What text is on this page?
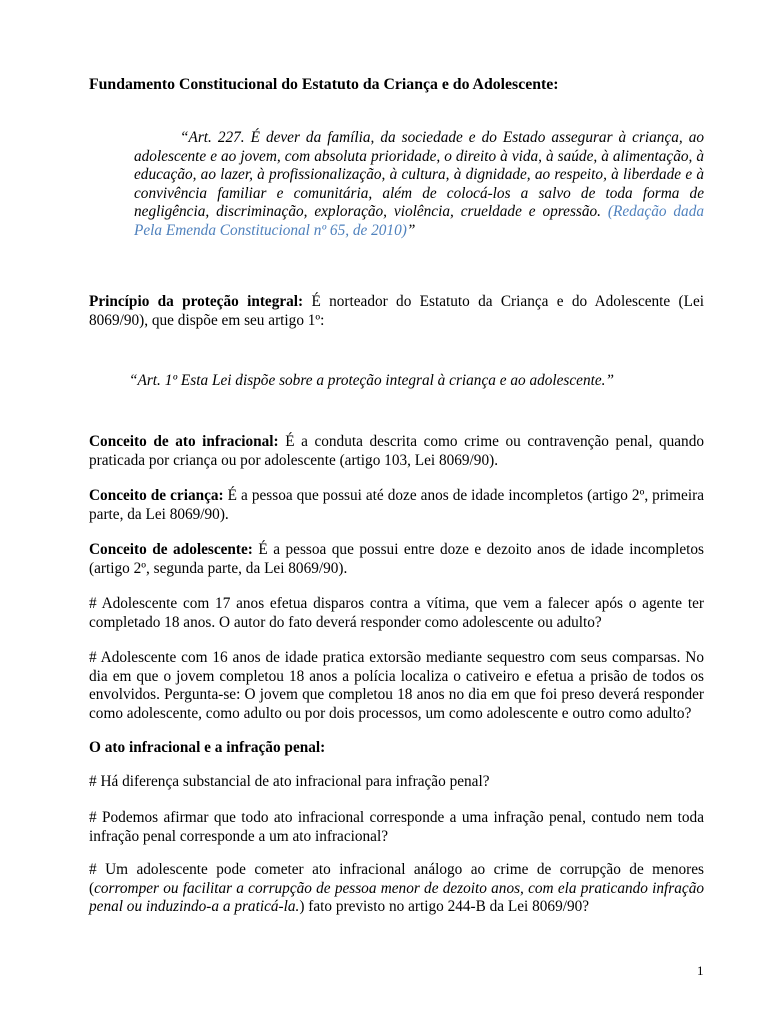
Fundamento Constitucional do Estatuto da Criança e do Adolescente:

“Art. 227. É dever da família, da sociedade e do Estado assegurar à criança, ao adolescente e ao jovem, com absoluta prioridade, o direito à vida, à saúde, à alimentação, à educação, ao lazer, à profissionalização, à cultura, à dignidade, ao respeito, à liberdade e à convivência familiar e comunitária, além de colocá-los a salvo de toda forma de negligência, discriminação, exploração, violência, crueldade e opressão. (Redação dada Pela Emenda Constitucional nº 65, de 2010)”

Princípio da proteção integral: É norteador do Estatuto da Criança e do Adolescente (Lei 8069/90), que dispõe em seu artigo 1º:

“Art. 1º Esta Lei dispõe sobre a proteção integral à criança e ao adolescente.”

Conceito de ato infracional: É a conduta descrita como crime ou contravenção penal, quando praticada por criança ou por adolescente (artigo 103, Lei 8069/90).

Conceito de criança: É a pessoa que possui até doze anos de idade incompletos (artigo 2º, primeira parte, da Lei 8069/90).

Conceito de adolescente: É a pessoa que possui entre doze e dezoito anos de idade incompletos (artigo 2º, segunda parte, da Lei 8069/90).

# Adolescente com 17 anos efetua disparos contra a vítima, que vem a falecer após o agente ter completado 18 anos. O autor do fato deverá responder como adolescente ou adulto?

# Adolescente com 16 anos de idade pratica extorsão mediante sequestro com seus comparsas. No dia em que o jovem completou 18 anos a polícia localiza o cativeiro e efetua a prisão de todos os envolvidos. Pergunta-se: O jovem que completou 18 anos no dia em que foi preso deverá responder como adolescente, como adulto ou por dois processos, um como adolescente e outro como adulto?

O ato infracional e a infração penal:

# Há diferença substancial de ato infracional para infração penal?

# Podemos afirmar que todo ato infracional corresponde a uma infração penal, contudo nem toda infração penal corresponde a um ato infracional?

# Um adolescente pode cometer ato infracional análogo ao crime de corrupção de menores (corromper ou facilitar a corrupção de pessoa menor de dezoito anos, com ela praticando infração penal ou induzindo-a a praticá-la.) fato previsto no artigo 244-B da Lei 8069/90?

1
